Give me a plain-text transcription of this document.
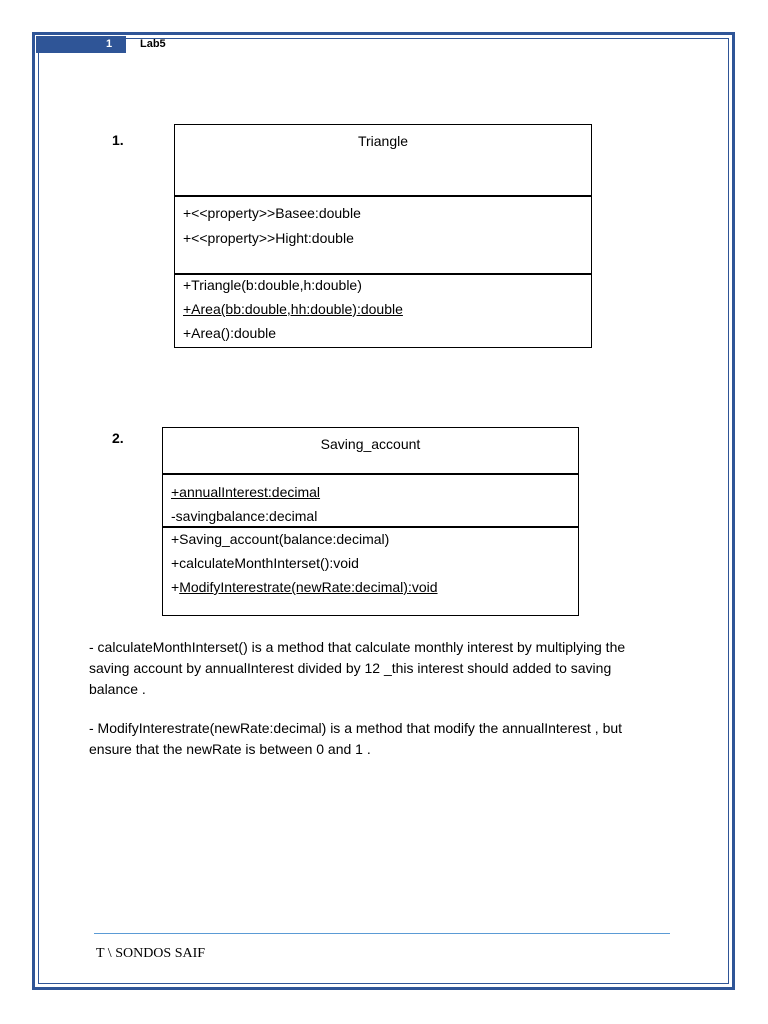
1	Lab5
1.	Triangle
+<<property>>Basee:double
+<<property>>Hight:double
+Triangle(b:double,h:double)
+Area(bb:double,hh:double):double
+Area():double
2.	Saving_account
+annualInterest:decimal
-savingbalance:decimal
+Saving_account(balance:decimal)
+calculateMonthInterset():void
+ModifyInterestrate(newRate:decimal):void
- calculateMonthInterset() is a method that calculate monthly interest by multiplying the saving account by annualInterest divided by 12 _this interest should added to saving balance .
- ModifyInterestrate(newRate:decimal) is a method that modify the annualInterest , but ensure that the newRate is between 0 and 1 .
T \ SONDOS SAIF
